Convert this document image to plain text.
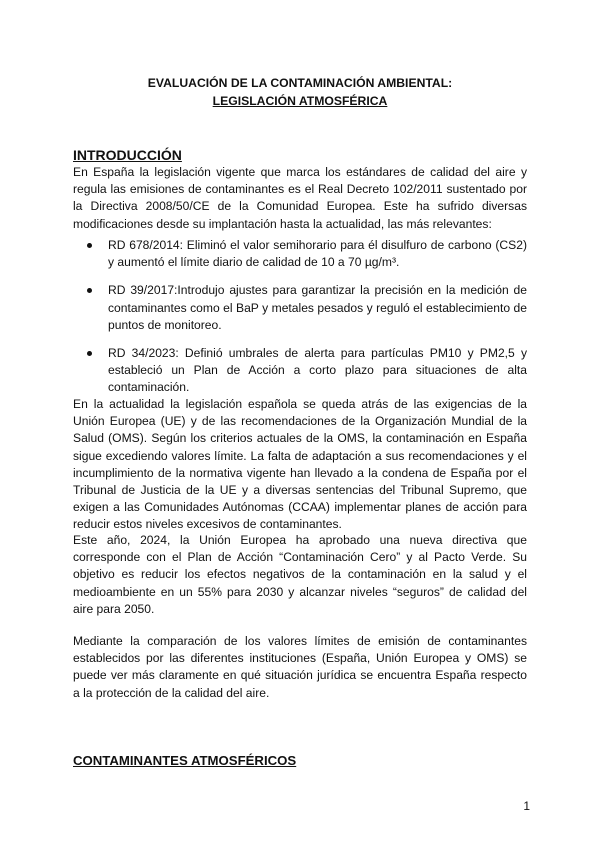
EVALUACIÓN DE LA CONTAMINACIÓN AMBIENTAL:
LEGISLACIÓN ATMOSFÉRICA
INTRODUCCIÓN

En España la legislación vigente que marca los estándares de calidad del aire y regula las emisiones de contaminantes es el Real Decreto 102/2011 sustentado por la Directiva 2008/50/CE de la Comunidad Europea. Este ha sufrido diversas modificaciones desde su implantación hasta la actualidad, las más relevantes:

RD 678/2014: Eliminó el valor semihorario para él disulfuro de carbono (CS2) y aumentó el límite diario de calidad de 10 a 70 µg/m³.
RD 39/2017:Introdujo ajustes para garantizar la precisión en la medición de contaminantes como el BaP y metales pesados y reguló el establecimiento de puntos de monitoreo.
RD 34/2023: Definió umbrales de alerta para partículas PM10 y PM2,5 y estableció un Plan de Acción a corto plazo para situaciones de alta contaminación.

En la actualidad la legislación española se queda atrás de las exigencias de la Unión Europea (UE) y de las recomendaciones de la Organización Mundial de la Salud (OMS). Según los criterios actuales de la OMS, la contaminación en España sigue excediendo valores límite. La falta de adaptación a sus recomendaciones y el incumplimiento de la normativa vigente han llevado a la condena de España por el Tribunal de Justicia de la UE y a diversas sentencias del Tribunal Supremo, que exigen a las Comunidades Autónomas (CCAA) implementar planes de acción para reducir estos niveles excesivos de contaminantes.

Este año, 2024, la Unión Europea ha aprobado una nueva directiva que corresponde con el Plan de Acción “Contaminación Cero” y al Pacto Verde. Su objetivo es reducir los efectos negativos de la contaminación en la salud y el medioambiente en un 55% para 2030 y alcanzar niveles “seguros” de calidad del aire para 2050.

Mediante la comparación de los valores límites de emisión de contaminantes establecidos por las diferentes instituciones (España, Unión Europea y OMS) se puede ver más claramente en qué situación jurídica se encuentra España respecto a la protección de la calidad del aire.

CONTAMINANTES ATMOSFÉRICOS
1
